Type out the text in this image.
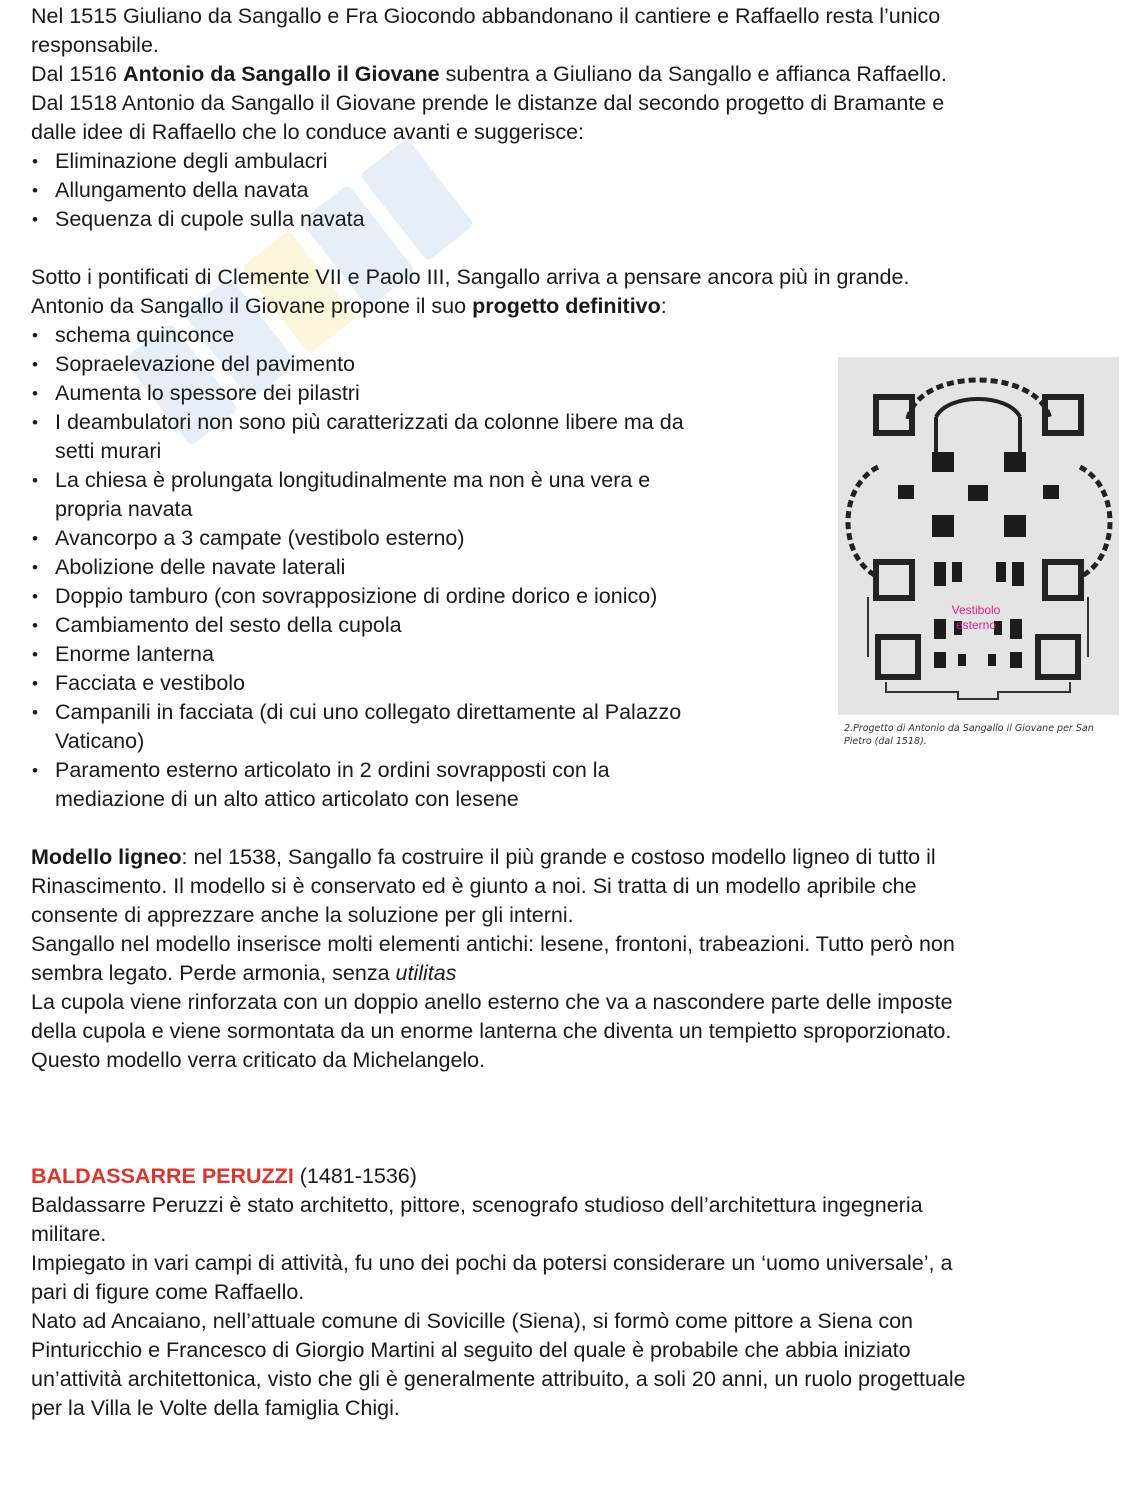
Nel 1515 Giuliano da Sangallo e Fra Giocondo abbandonano il cantiere e Raffaello resta l’unico

responsabile.

Dal 1516 Antonio da Sangallo il Giovane subentra a Giuliano da Sangallo e affianca Raffaello.

Dal 1518 Antonio da Sangallo il Giovane prende le distanze dal secondo progetto di Bramante e

dalle idee di Raffaello che lo conduce avanti e suggerisce:

• Eliminazione degli ambulacri
• Allungamento della navata
• Sequenza di cupole sulla navata

Sotto i pontificati di Clemente VII e Paolo III, Sangallo arriva a pensare ancora più in grande.

Antonio da Sangallo il Giovane propone il suo progetto definitivo:

• schema quinconce
• Sopraelevazione del pavimento
• Aumenta lo spessore dei pilastri
• I deambulatori non sono più caratterizzati da colonne libere ma da
setti murari
• La chiesa è prolungata longitudinalmente ma non è una vera e
propria navata
• Avancorpo a 3 campate (vestibolo esterno)
• Abolizione delle navate laterali
• Doppio tamburo (con sovrapposizione di ordine dorico e ionico)
• Cambiamento del sesto della cupola
• Enorme lanterna
• Facciata e vestibolo
• Campanili in facciata (di cui uno collegato direttamente al Palazzo
Vaticano)
• Paramento esterno articolato in 2 ordini sovrapposti con la
mediazione di un alto attico articolato con lesene
Vestibolo
esterno
2.Progetto di Antonio da Sangallo il Giovane per San Pietro (dal 1518).

Modello ligneo: nel 1538, Sangallo fa costruire il più grande e costoso modello ligneo di tutto il

Rinascimento. Il modello si è conservato ed è giunto a noi. Si tratta di un modello apribile che

consente di apprezzare anche la soluzione per gli interni.

Sangallo nel modello inserisce molti elementi antichi: lesene, frontoni, trabeazioni. Tutto però non

sembra legato. Perde armonia, senza utilitas

La cupola viene rinforzata con un doppio anello esterno che va a nascondere parte delle imposte

della cupola e viene sormontata da un enorme lanterna che diventa un tempietto sproporzionato.

Questo modello verra criticato da Michelangelo.

BALDASSARRE PERUZZI (1481-1536)

Baldassarre Peruzzi è stato architetto, pittore, scenografo studioso dell’architettura ingegneria

militare.

Impiegato in vari campi di attività, fu uno dei pochi da potersi considerare un ‘uomo universale’, a

pari di figure come Raffaello.

Nato ad Ancaiano, nell’attuale comune di Sovicille (Siena), si formò come pittore a Siena con

Pinturicchio e Francesco di Giorgio Martini al seguito del quale è probabile che abbia iniziato

un’attività architettonica, visto che gli è generalmente attribuito, a soli 20 anni, un ruolo progettuale

per la Villa le Volte della famiglia Chigi.
